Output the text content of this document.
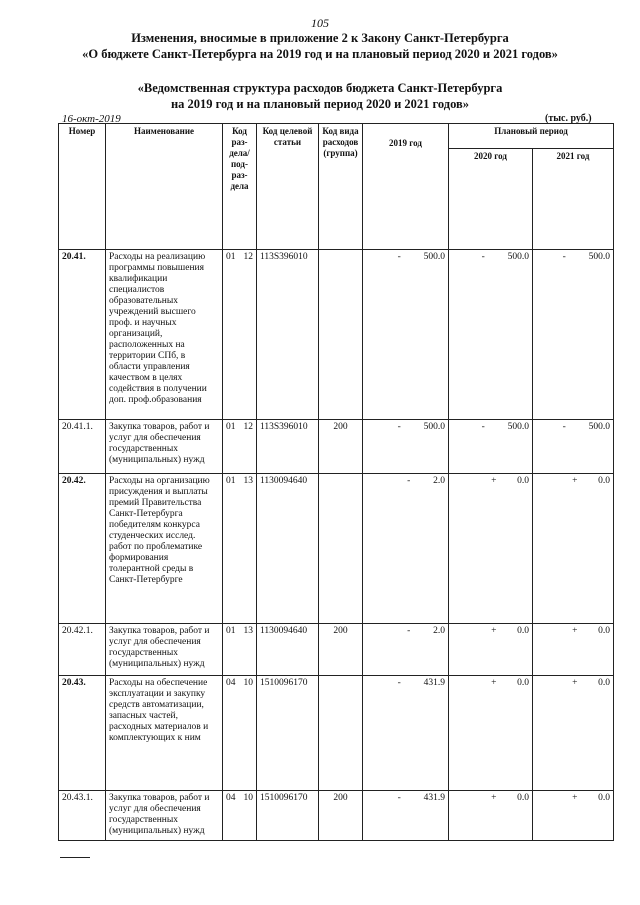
105
Изменения, вносимые в приложение 2 к Закону Санкт-Петербурга
«О бюджете Санкт-Петербурга на 2019 год и на плановый период 2020 и 2021 годов»
«Ведомственная структура расходов бюджета Санкт-Петербурга
на 2019 год и на плановый период 2020 и 2021 годов»
16-окт-2019	(тыс. руб.)
Номер	Наименование	Код раз-дела/ под-раз-дела	Код целевой статьи	Код вида расходов (группа)	2019 год	Плановый период	
						2020 год	2021 год
20.41.	Расходы на реализацию программы повышения квалификации специалистов образовательных учреждений высшего проф. и научных организаций, расположенных на территории СПб, в области управления качеством в целях содействия в получении доп. проф.образования	01 12	113S396010		- 500.0	- 500.0	- 500.0
20.41.1.	Закупка товаров, работ и услуг для обеспечения государственных (муниципальных) нужд	01 12	113S396010	200	- 500.0	- 500.0	- 500.0
20.42.	Расходы на организацию присуждения и выплаты премий Правительства Санкт-Петербурга победителям конкурса студенческих исслед. работ по проблематике формирования толерантной среды в Санкт-Петербурге	01 13	1130094640		- 2.0	+ 0.0	+ 0.0
20.42.1.	Закупка товаров, работ и услуг для обеспечения государственных (муниципальных) нужд	01 13	1130094640	200	- 2.0	+ 0.0	+ 0.0
20.43.	Расходы на обеспечение эксплуатации и закупку средств автоматизации, запасных частей, расходных материалов и комплектующих к ним	04 10	1510096170		- 431.9	+ 0.0	+ 0.0
20.43.1.	Закупка товаров, работ и услуг для обеспечения государственных (муниципальных) нужд	04 10	1510096170	200	- 431.9	+ 0.0	+ 0.0
